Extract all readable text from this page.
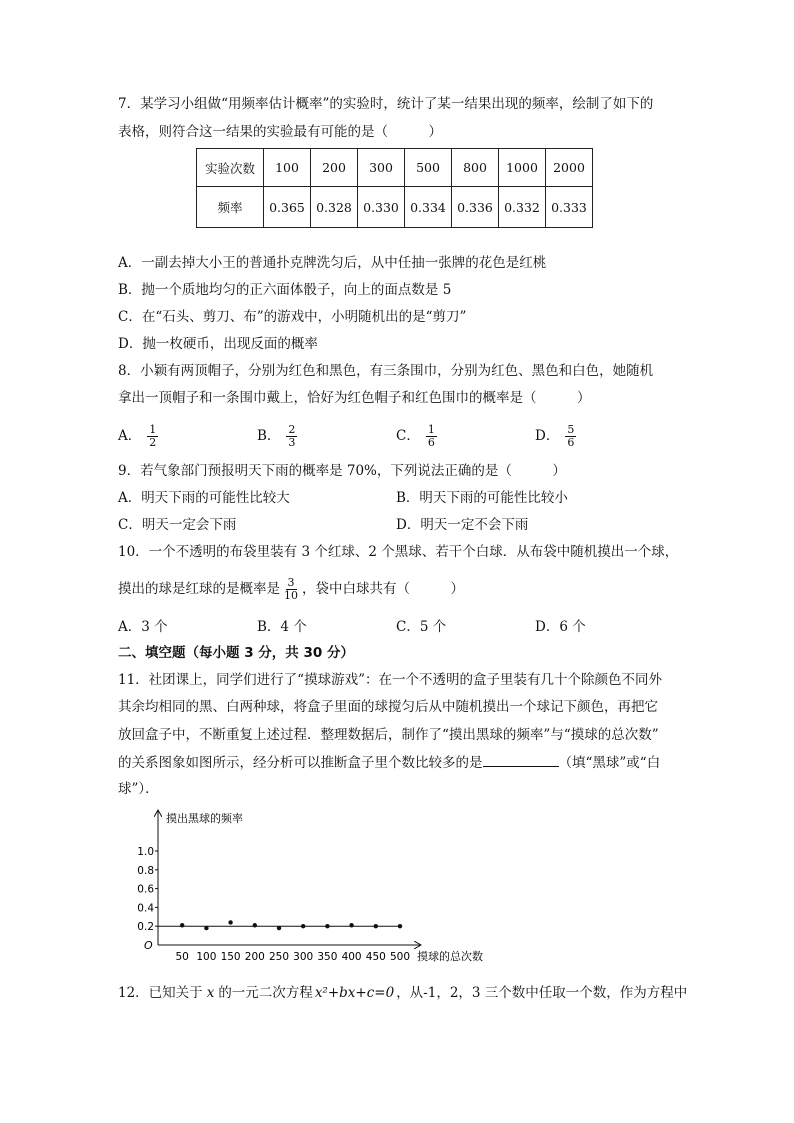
7．某学习小组做“用频率估计概率”的实验时，统计了某一结果出现的频率，绘制了如下的
表格，则符合这一结果的实验最有可能的是（　　　）
实验次数	100	200	300	500	800	1000	2000
频率	0.365	0.328	0.330	0.334	0.336	0.332	0.333
A．一副去掉大小王的普通扑克牌洗匀后，从中任抽一张牌的花色是红桃
B．抛一个质地均匀的正六面体骰子，向上的面点数是 5
C．在“石头、剪刀、布”的游戏中，小明随机出的是“剪刀”
D．抛一枚硬币，出现反面的概率
8．小颖有两顶帽子，分别为红色和黑色，有三条围巾，分别为红色、黑色和白色，她随机
拿出一顶帽子和一条围巾戴上，恰好为红色帽子和红色围巾的概率是（　　　）
A． $\frac{1}{2}$	B． $\frac{2}{3}$	C． $\frac{1}{6}$	D． $\frac{5}{6}$
9．若气象部门预报明天下雨的概率是 70%，下列说法正确的是（　　　）
A．明天下雨的可能性比较大	B．明天下雨的可能性比较小
C．明天一定会下雨	D．明天一定不会下雨
10．一个不透明的布袋里装有 3 个红球、2 个黑球、若干个白球．从布袋中随机摸出一个球，
摸出的球是红球的是概率是 $\frac{3}{10}$ ，袋中白球共有（　　　）
A．3 个	B．4 个	C．5 个	D．6 个
二、填空题（每小题 3 分，共 30 分）
11．社团课上，同学们进行了“摸球游戏”：在一个不透明的盒子里装有几十个除颜色不同外
其余均相同的黑、白两种球，将盒子里面的球搅匀后从中随机摸出一个球记下颜色，再把它
放回盒子中，不断重复上述过程．整理数据后，制作了“摸出黑球的频率”与“摸球的总次数”
的关系图象如图所示，经分析可以推断盒子里个数比较多的是	（填“黑球”或“白
球”）．
O
0.2
0.4
0.6
0.8
1.0
50 100 150 200 250 300 350 400 450 500
摸出黑球的频率
摸球的总次数
12．已知关于 x 的一元二次方程 x²+bx+c=0 ，从-1，2，3 三个数中任取一个数，作为方程中
